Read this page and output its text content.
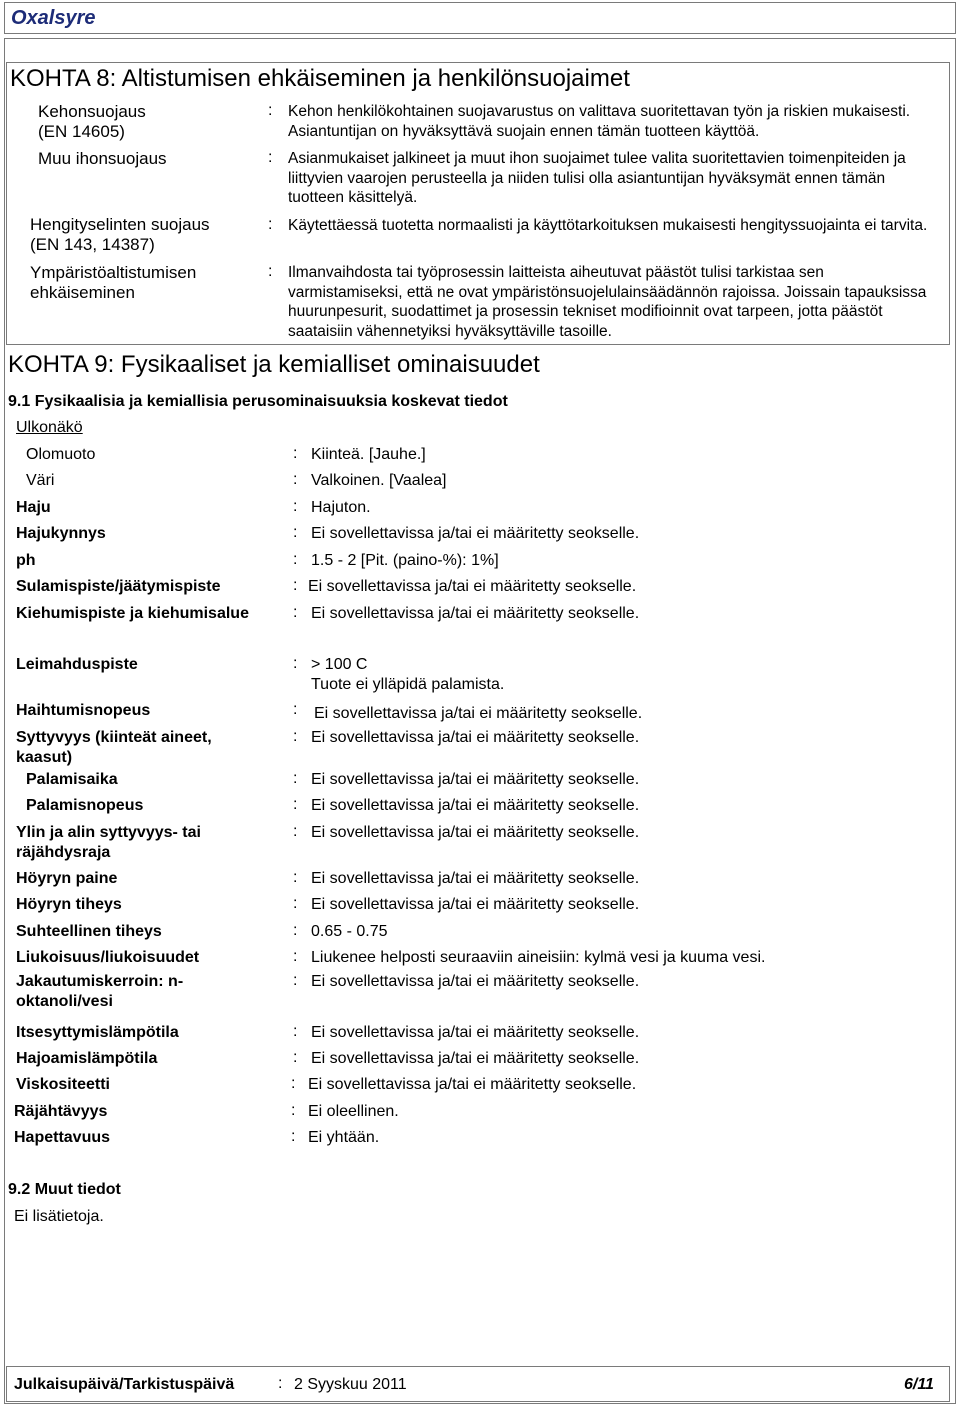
Oxalsyre
KOHTA 8: Altistumisen ehkäiseminen ja henkilönsuojaimet
Kehonsuojaus
(EN 14605)
: Kehon henkilökohtainen suojavarustus on valittava suoritettavan työn ja riskien mukaisesti. Asiantuntijan on hyväksyttävä suojain ennen tämän tuotteen käyttöä.
Muu ihonsuojaus	: Asianmukaiset jalkineet ja muut ihon suojaimet tulee valita suoritettavien toimenpiteiden ja liittyvien vaarojen perusteella ja niiden tulisi olla asiantuntijan hyväksymät ennen tämän tuotteen käsittelyä.
Hengityselinten suojaus
(EN 143, 14387)
: Käytettäessä tuotetta normaalisti ja käyttötarkoituksen mukaisesti hengityssuojainta ei tarvita.
Ympäristöaltistumisen
ehkäiseminen
: Ilmanvaihdosta tai työprosessin laitteista aiheutuvat päästöt tulisi tarkistaa sen varmistamiseksi, että ne ovat ympäristönsuojelulainsäädännön rajoissa. Joissain tapauksissa huurunpesurit, suodattimet ja prosessin tekniset modifioinnit ovat tarpeen, jotta päästöt saataisiin vähennetyiksi hyväksyttäville tasoille.
KOHTA 9: Fysikaaliset ja kemialliset ominaisuudet
9.1 Fysikaalisia ja kemiallisia perusominaisuuksia koskevat tiedot
Ulkonäkö
Olomuoto	: Kiinteä. [Jauhe.]
Väri	: Valkoinen. [Vaalea]
Haju	: Hajuton.
Hajukynnys	: Ei sovellettavissa ja/tai ei määritetty seokselle.
ph	: 1.5 - 2 [Pit. (paino-%): 1%]
Sulamispiste/jäätymispiste	: Ei sovellettavissa ja/tai ei määritetty seokselle.
Kiehumispiste ja kiehumisalue	: Ei sovellettavissa ja/tai ei määritetty seokselle.
Leimahduspiste	: > 100 C
Tuote ei ylläpidä palamista.
Haihtumisnopeus	: Ei sovellettavissa ja/tai ei määritetty seokselle.
Syttyvyys (kiinteät aineet,
kaasut)
: Ei sovellettavissa ja/tai ei määritetty seokselle.
Palamisaika	: Ei sovellettavissa ja/tai ei määritetty seokselle.
Palamisnopeus	: Ei sovellettavissa ja/tai ei määritetty seokselle.
Ylin ja alin syttyvyys- tai
räjähdysraja
: Ei sovellettavissa ja/tai ei määritetty seokselle.
Höyryn paine	: Ei sovellettavissa ja/tai ei määritetty seokselle.
Höyryn tiheys	: Ei sovellettavissa ja/tai ei määritetty seokselle.
Suhteellinen tiheys	: 0.65 - 0.75
Liukoisuus/liukoisuudet	: Liukenee helposti seuraaviin aineisiin: kylmä vesi ja kuuma vesi.
Jakautumiskerroin: n-
oktanoli/vesi
: Ei sovellettavissa ja/tai ei määritetty seokselle.
Itsesyttymislämpötila	: Ei sovellettavissa ja/tai ei määritetty seokselle.
Hajoamislämpötila	: Ei sovellettavissa ja/tai ei määritetty seokselle.
Viskositeetti	: Ei sovellettavissa ja/tai ei määritetty seokselle.
Räjähtävyys	: Ei oleellinen.
Hapettavuus	: Ei yhtään.
9.2 Muut tiedot
Ei lisätietoja.
Julkaisupäivä/Tarkistuspäivä	: 2 Syyskuu 2011	6/11
